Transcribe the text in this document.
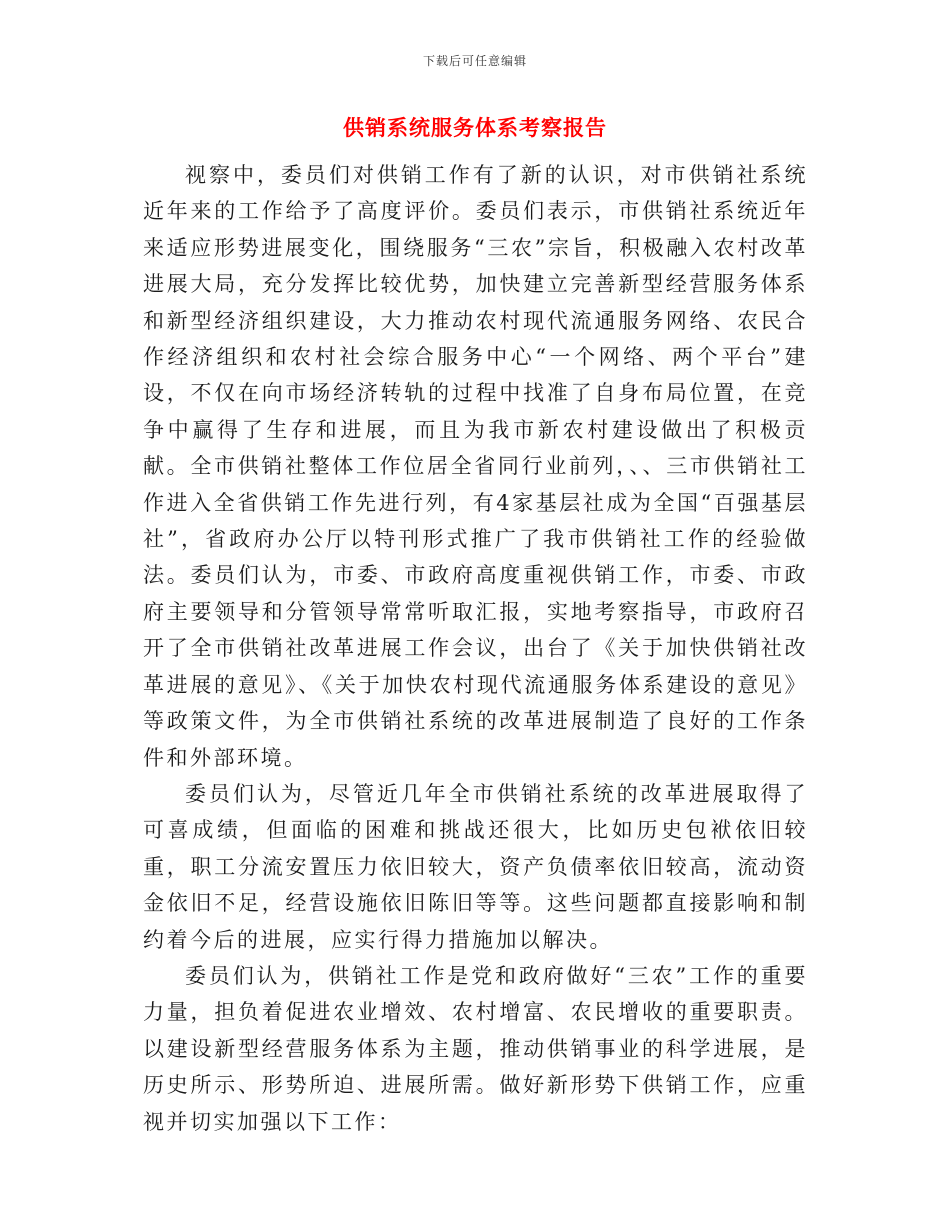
下载后可任意编辑
供销系统服务体系考察报告

视察中，委员们对供销工作有了新的认识，对市供销社系统近年来的工作给予了高度评价。委员们表示，市供销社系统近年来适应形势进展变化，围绕服务“三农”宗旨，积极融入农村改革进展大局，充分发挥比较优势，加快建立完善新型经营服务体系和新型经济组织建设，大力推动农村现代流通服务网络、农民合作经济组织和农村社会综合服务中心“一个网络、两个平台”建设，不仅在向市场经济转轨的过程中找准了自身布局位置，在竞争中赢得了生存和进展，而且为我市新农村建设做出了积极贡献。全市供销社整体工作位居全省同行业前列，、、三市供销社工作进入全省供销工作先进行列，有4家基层社成为全国“百强基层社”，省政府办公厅以特刊形式推广了我市供销社工作的经验做法。委员们认为，市委、市政府高度重视供销工作，市委、市政府主要领导和分管领导常常听取汇报，实地考察指导，市政府召开了全市供销社改革进展工作会议，出台了《关于加快供销社改革进展的意见》、《关于加快农村现代流通服务体系建设的意见》等政策文件，为全市供销社系统的改革进展制造了良好的工作条件和外部环境。

委员们认为，尽管近几年全市供销社系统的改革进展取得了可喜成绩，但面临的困难和挑战还很大，比如历史包袱依旧较重，职工分流安置压力依旧较大，资产负债率依旧较高，流动资金依旧不足，经营设施依旧陈旧等等。这些问题都直接影响和制约着今后的进展，应实行得力措施加以解决。

委员们认为，供销社工作是党和政府做好“三农”工作的重要力量，担负着促进农业增效、农村增富、农民增收的重要职责。以建设新型经营服务体系为主题，推动供销事业的科学进展，是历史所示、形势所迫、进展所需。做好新形势下供销工作，应重视并切实加强以下工作：
